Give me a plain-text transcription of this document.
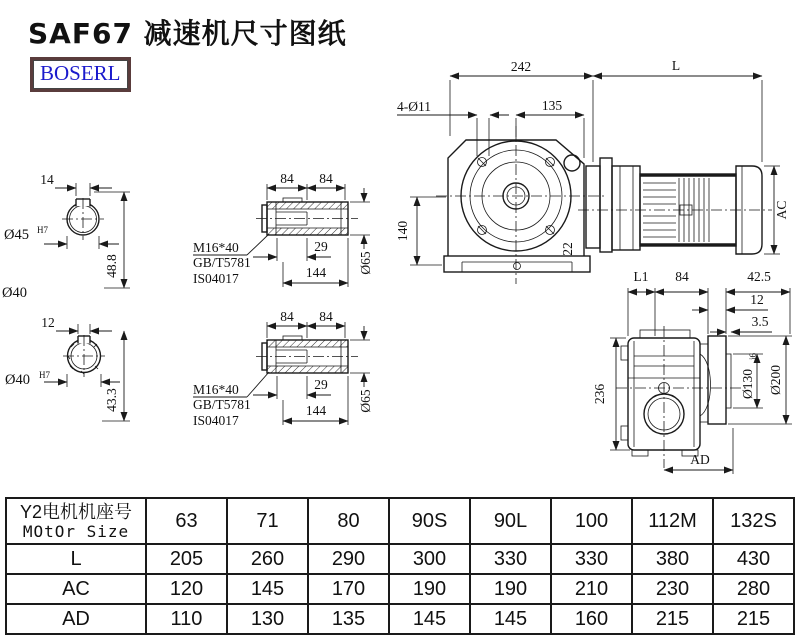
SAF67 减速机尺寸图纸
BOSERL	242	L
4-Ø11	135
140
22
AC
14
Ø45 H7
48.8
Ø40
12
Ø40 H7
43.3
84 84
29
144 Ø65
M16*40
GB/T5781
IS04017
84 84
29
144 Ø65
M16*40
GB/T5781
IS04017
L1 84	42.5
12
3.5
236	Ø130
j6
Ø200
AD
Y2电机机座号
MOtOr Size	63	71	80	90S	90L	100	112M	132S
L	205	260	290	300	330	330	380	430
AC	120	145	170	190	190	210	230	280
AD	110	130	135	145	145	160	215	215
